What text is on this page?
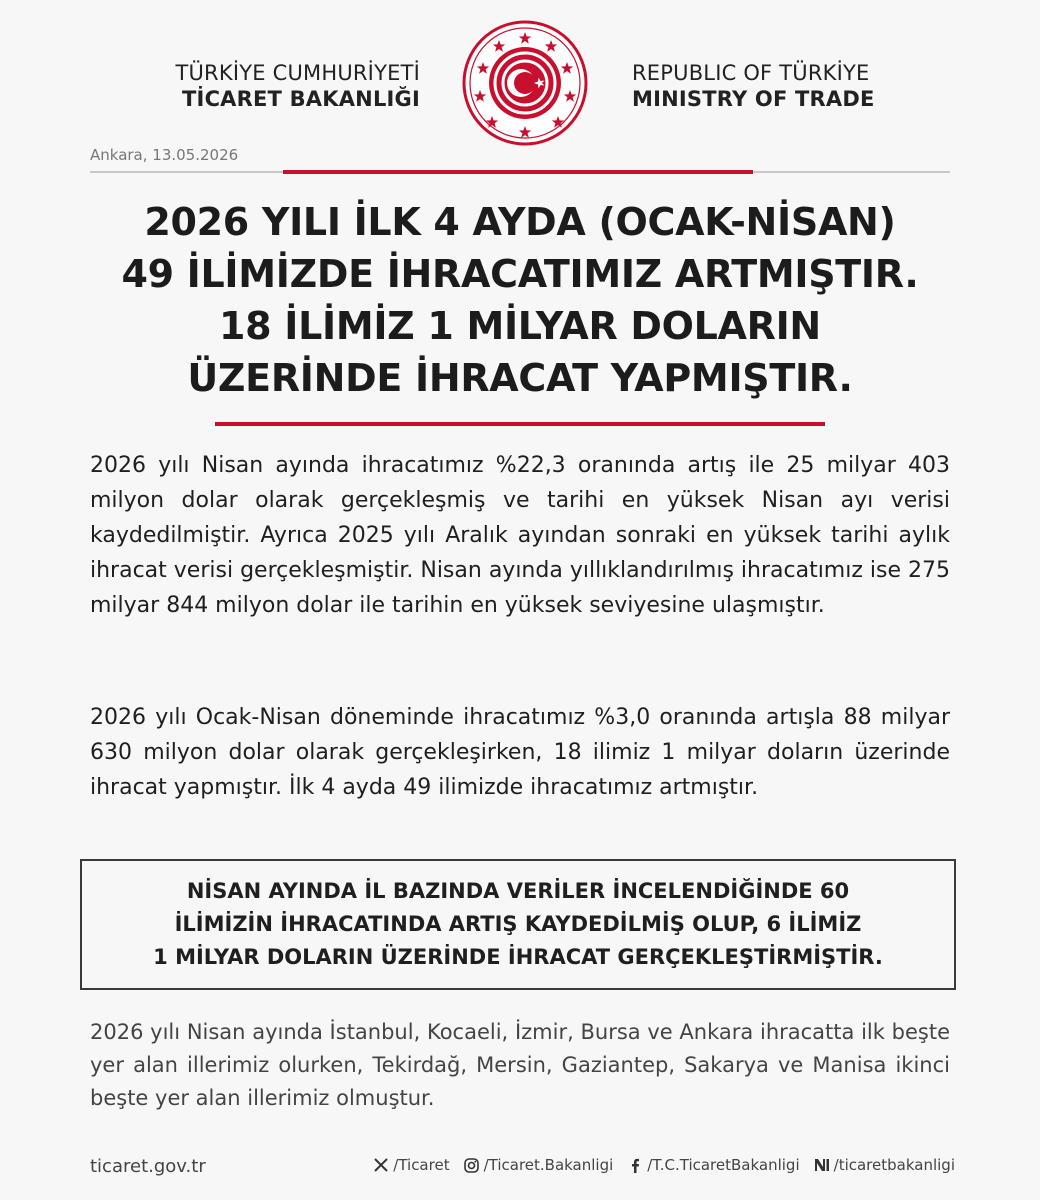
TÜRKİYE CUMHURİYETİ
TİCARET BAKANLIĞI
REPUBLIC OF TÜRKİYE
MINISTRY OF TRADE
Ankara, 13.05.2026
2026 YILI İLK 4 AYDA (OCAK-NİSAN)
49 İLİMİZDE İHRACATIMIZ ARTMIŞTIR.
18 İLİMİZ 1 MİLYAR DOLARIN
ÜZERİNDE İHRACAT YAPMIŞTIR.
2026 yılı Nisan ayında ihracatımız %22,3 oranında artış ile 25 milyar 403 milyon dolar olarak gerçekleşmiş ve tarihi en yüksek Nisan ayı verisi kaydedilmiştir. Ayrıca 2025 yılı Aralık ayından sonraki en yüksek tarihi aylık ihracat verisi gerçekleşmiştir. Nisan ayında yıllıklandırılmış ihracatımız ise 275 milyar 844 milyon dolar ile tarihin en yüksek seviyesine ulaşmıştır.
2026 yılı Ocak-Nisan döneminde ihracatımız %3,0 oranında artışla 88 milyar 630 milyon dolar olarak gerçekleşirken, 18 ilimiz 1 milyar doların üzerinde ihracat yapmıştır. İlk 4 ayda 49 ilimizde ihracatımız artmıştır.
NİSAN AYINDA İL BAZINDA VERİLER İNCELENDİĞİNDE 60
İLİMİZİN İHRACATINDA ARTIŞ KAYDEDİLMİŞ OLUP, 6 İLİMİZ
1 MİLYAR DOLARIN ÜZERİNDE İHRACAT GERÇEKLEŞTİRMİŞTİR.
2026 yılı Nisan ayında İstanbul, Kocaeli, İzmir, Bursa ve Ankara ihracatta ilk beşte yer alan illerimiz olurken, Tekirdağ, Mersin, Gaziantep, Sakarya ve Manisa ikinci beşte yer alan illerimiz olmuştur.
ticaret.gov.tr	/Ticaret /Ticaret.Bakanligi /T.C.TicaretBakanligi /ticaretbakanligi
